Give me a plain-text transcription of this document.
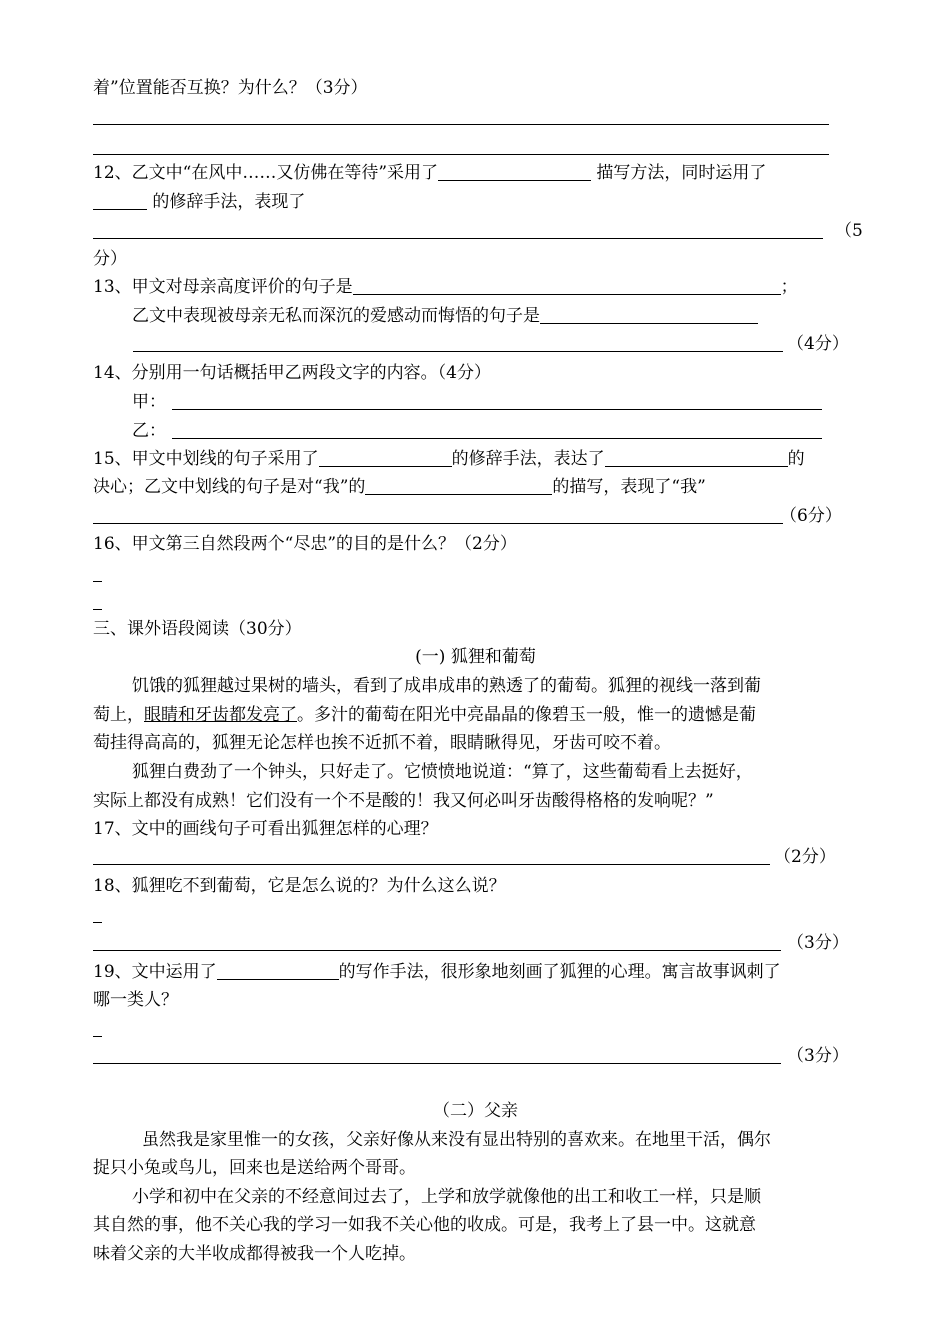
着”位置能否互换？为什么？（3分）
12、乙文中“在风中……又仿佛在等待”采用了	描写方法，同时运用了
的修辞手法，表现了
（5
分）
13、甲文对母亲高度评价的句子是	；
乙文中表现被母亲无私而深沉的爱感动而悔悟的句子是
（4分）
14、分别用一句话概括甲乙两段文字的内容。（4分）
甲：
乙：
15、甲文中划线的句子采用了	的修辞手法，表达了	的
决心；乙文中划线的句子是对“我”的	的描写，表现了“我”
（6分）
16、甲文第三自然段两个“尽忠”的目的是什么？（2分）
三、课外语段阅读（30分）
(一) 狐狸和葡萄
饥饿的狐狸越过果树的墙头，看到了成串成串的熟透了的葡萄。狐狸的视线一落到葡
萄上，眼睛和牙齿都发亮了。多汁的葡萄在阳光中亮晶晶的像碧玉一般，惟一的遗憾是葡
萄挂得高高的，狐狸无论怎样也挨不近抓不着，眼睛瞅得见，牙齿可咬不着。
狐狸白费劲了一个钟头，只好走了。它愤愤地说道：“算了，这些葡萄看上去挺好，
实际上都没有成熟！它们没有一个不是酸的！我又何必叫牙齿酸得格格的发响呢？”
17、文中的画线句子可看出狐狸怎样的心理？
（2分）
18、狐狸吃不到葡萄，它是怎么说的？为什么这么说？
（3分）
19、文中运用了	的写作手法，很形象地刻画了狐狸的心理。寓言故事讽刺了
哪一类人？
（3分）
（二）父亲
虽然我是家里惟一的女孩，父亲好像从来没有显出特别的喜欢来。在地里干活，偶尔
捉只小兔或鸟儿，回来也是送给两个哥哥。
小学和初中在父亲的不经意间过去了，上学和放学就像他的出工和收工一样，只是顺
其自然的事，他不关心我的学习一如我不关心他的收成。可是，我考上了县一中。这就意
味着父亲的大半收成都得被我一个人吃掉。
